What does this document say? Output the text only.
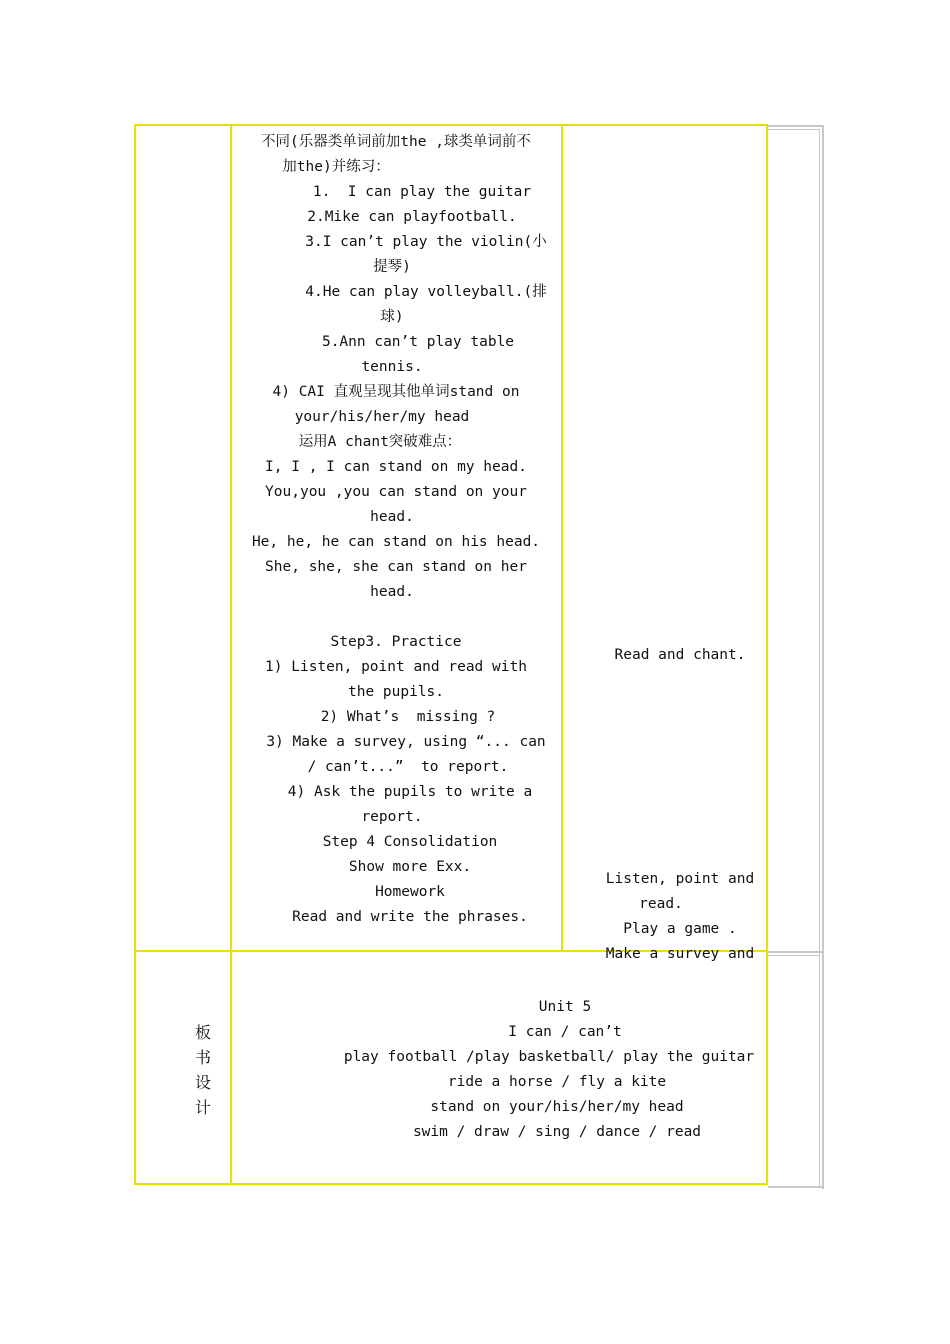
不同(乐器类单词前加the ,球类单词前不
加the)并练习：
1.  I can play the guitar
2.Mike can playfootball.
3.I can’t play the violin(小
提琴)
4.He can play volleyball.(排
球)
5.Ann can’t play table
tennis.
4) CAI 直观呈现其他单词stand on
your/his/her/my head
运用A chant突破难点：
I, I , I can stand on my head.
You,you ,you can stand on your
head.
He, he, he can stand on his head.
She, she, she can stand on her
head.
Step3. Practice
1) Listen, point and read with
the pupils.
2) What’s  missing ?
3) Make a survey, using “... can
/ can’t...”  to report.
4) Ask the pupils to write a
report.
Step 4 Consolidation
Show more Exx.
Homework
Read and write the phrases.
Read and chant.
Listen, point and
read.
Play a game .
Make a survey and
板
书
设
计
Unit 5
I can / can’t
play football /play basketball/ play the guitar
ride a horse / fly a kite
stand on your/his/her/my head
swim / draw / sing / dance / read
